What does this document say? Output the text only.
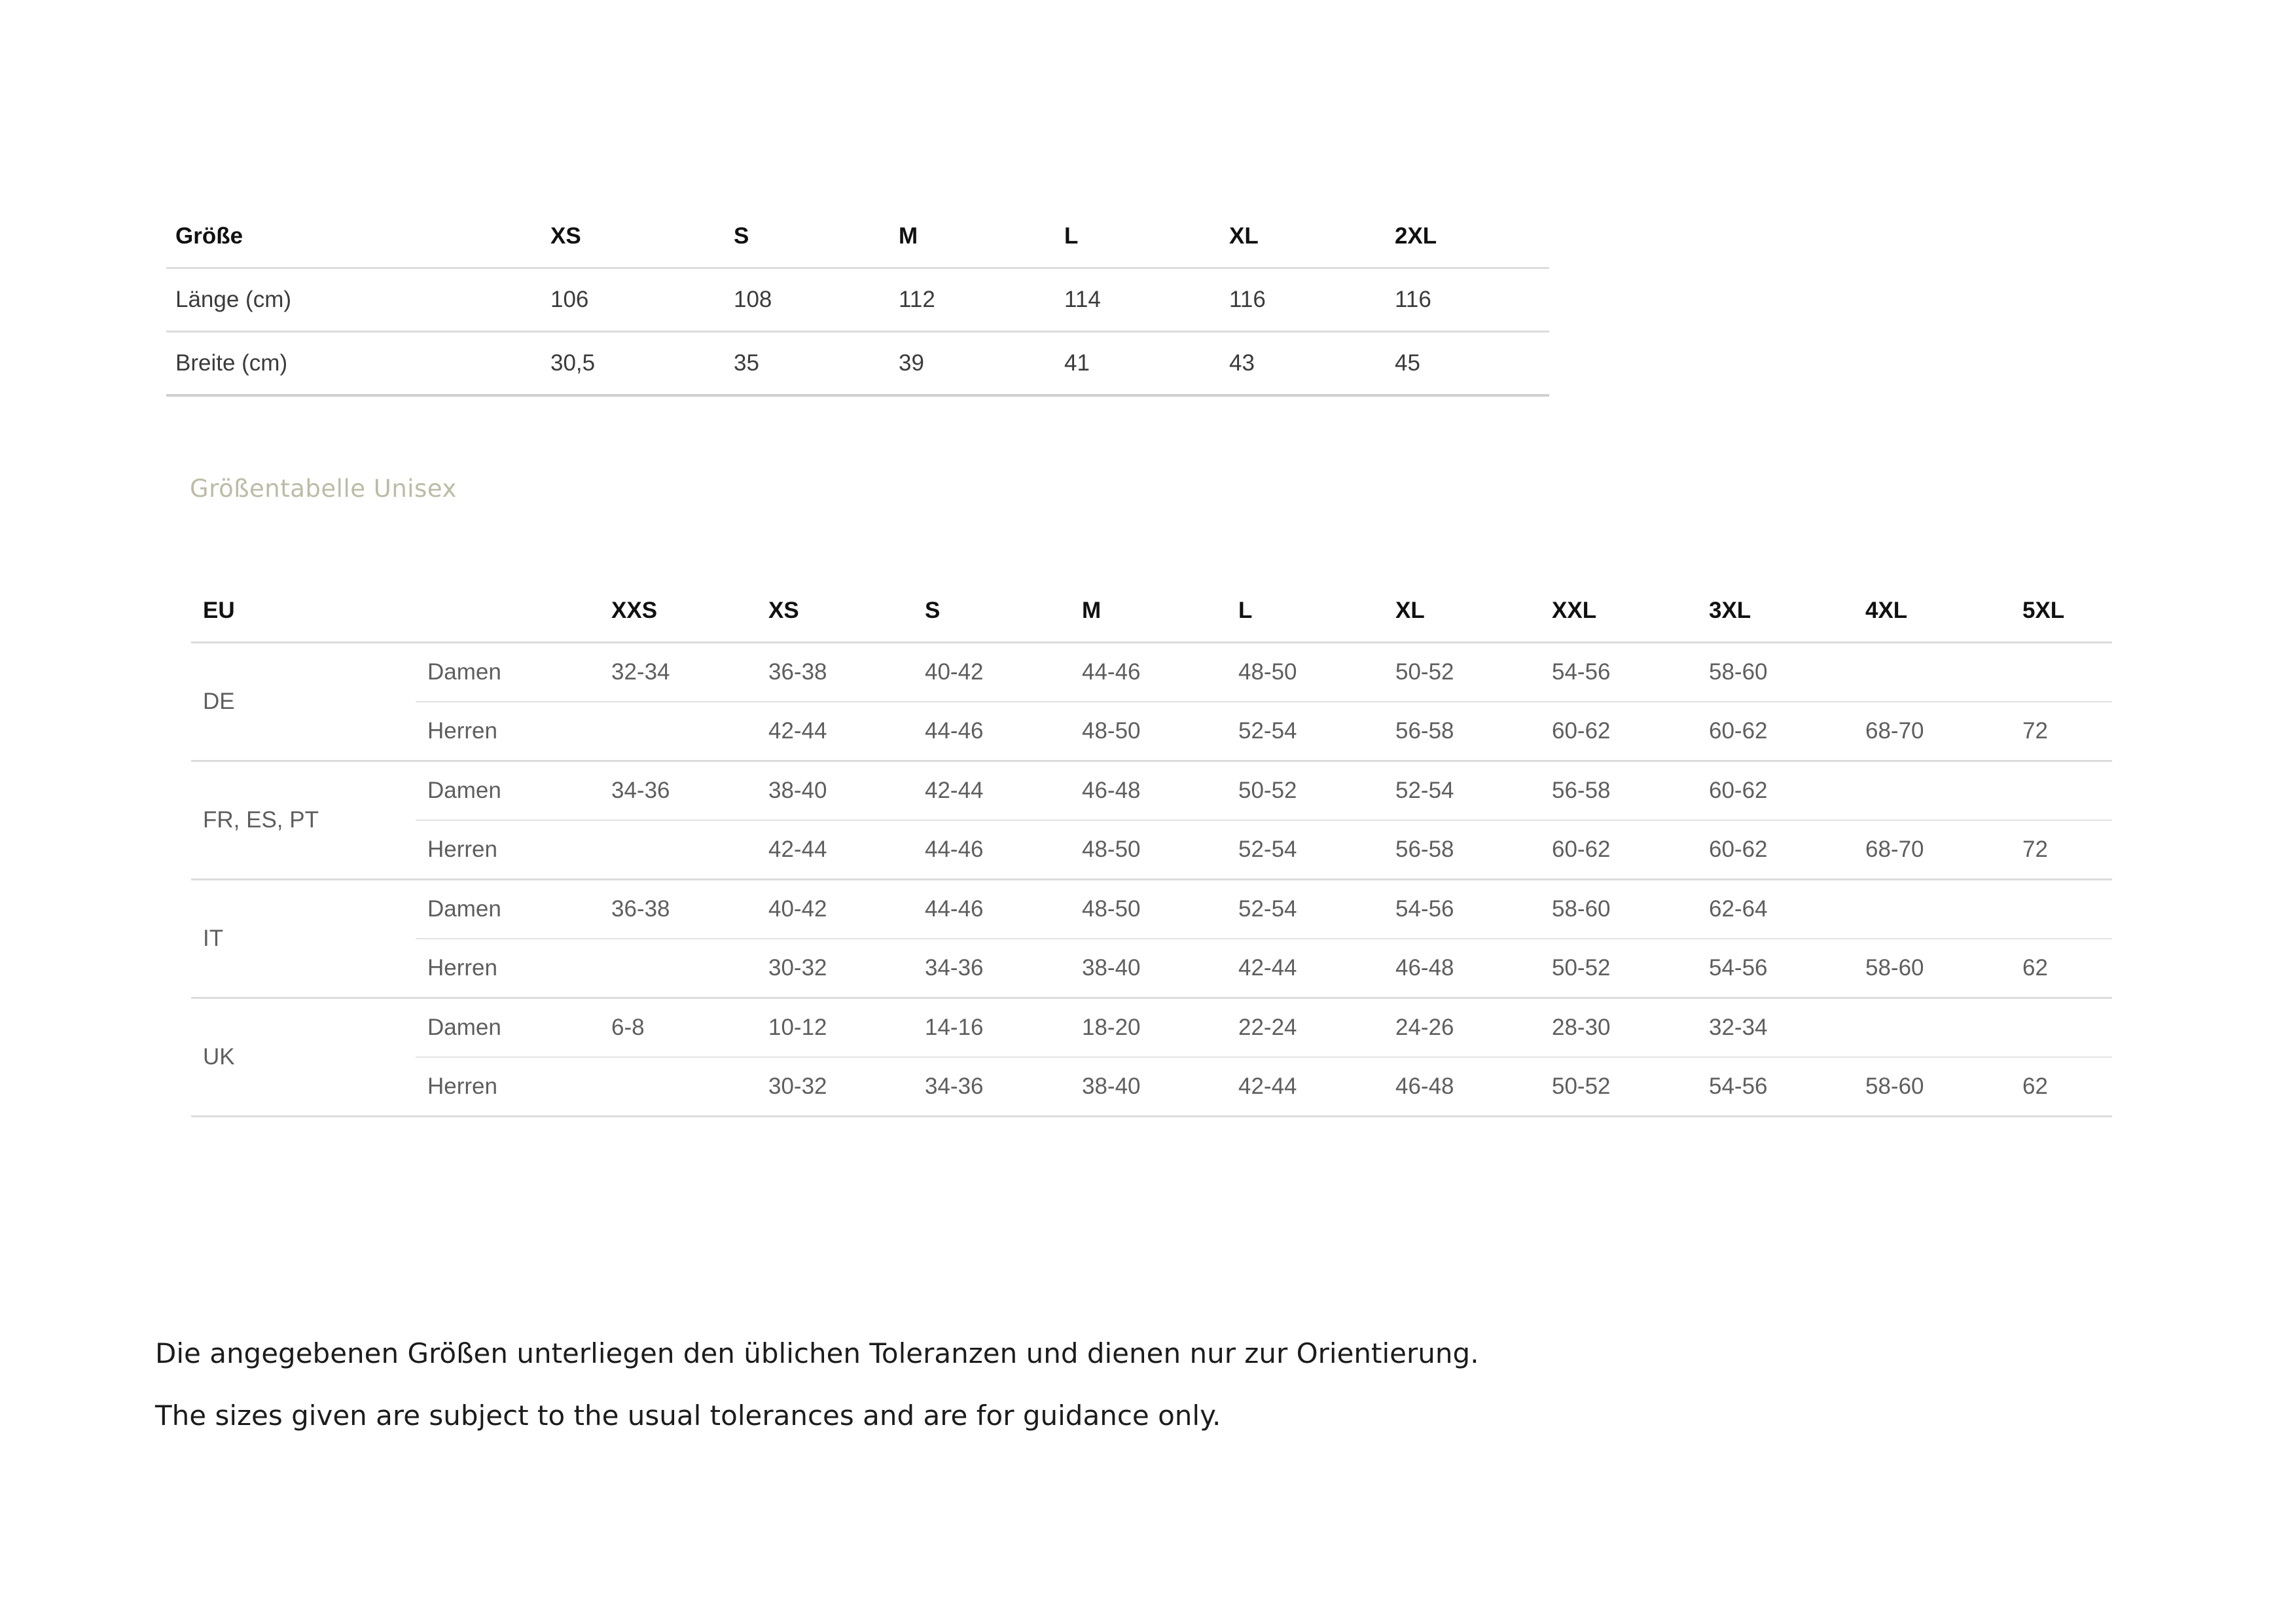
Größe	XS	S	M	L	XL	2XL
Länge (cm)	106	108	112	114	116	116
Breite (cm)	30,5	35	39	41	43	45
Größentabelle Unisex
EU		XXS	XS	S	M	L	XL	XXL	3XL	4XL	5XL
DE	Damen	32-34	36-38	40-42	44-46	48-50	50-52	54-56	58-60		
	Herren		42-44	44-46	48-50	52-54	56-58	60-62	60-62	68-70	72
FR, ES, PT	Damen	34-36	38-40	42-44	46-48	50-52	52-54	56-58	60-62		
	Herren		42-44	44-46	48-50	52-54	56-58	60-62	60-62	68-70	72
IT	Damen	36-38	40-42	44-46	48-50	52-54	54-56	58-60	62-64		
	Herren		30-32	34-36	38-40	42-44	46-48	50-52	54-56	58-60	62
UK	Damen	6-8	10-12	14-16	18-20	22-24	24-26	28-30	32-34		
	Herren		30-32	34-36	38-40	42-44	46-48	50-52	54-56	58-60	62
Die angegebenen Größen unterliegen den üblichen Toleranzen und dienen nur zur Orientierung.
The sizes given are subject to the usual tolerances and are for guidance only.
